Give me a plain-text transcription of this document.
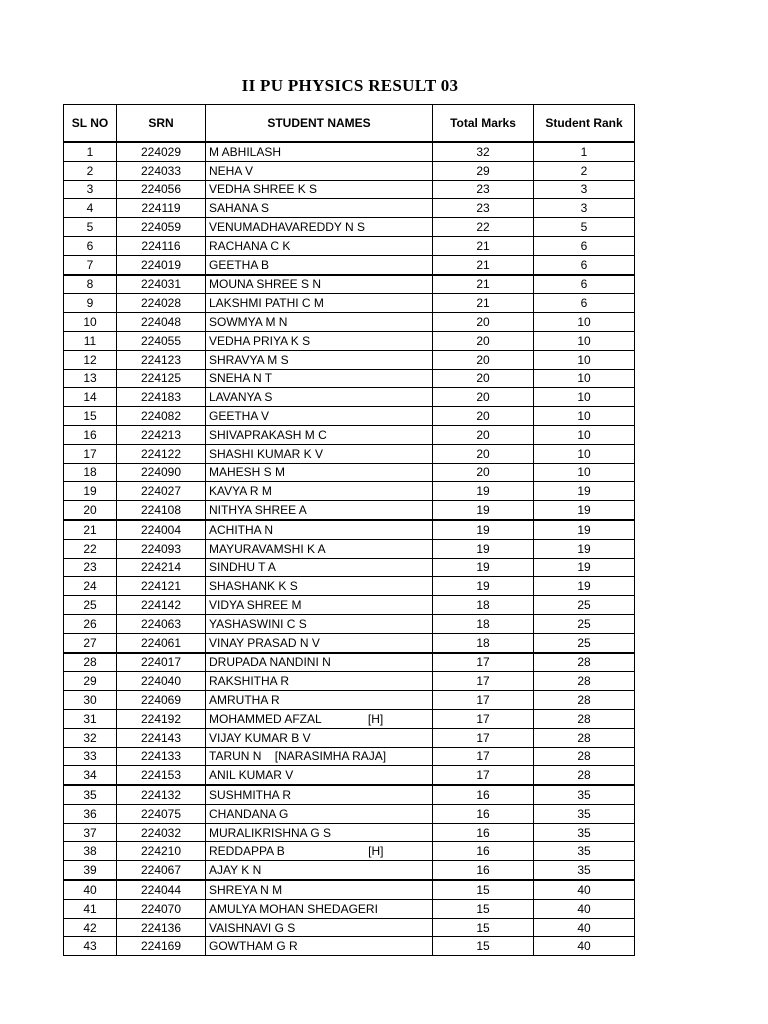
II PU PHYSICS RESULT 03
SL NO	SRN	STUDENT NAMES	Total Marks	Student Rank
1	224029	M ABHILASH	32	1
2	224033	NEHA V	29	2
3	224056	VEDHA SHREE K S	23	3
4	224119	SAHANA S	23	3
5	224059	VENUMADHAVAREDDY N S	22	5
6	224116	RACHANA C K	21	6
7	224019	GEETHA B	21	6
8	224031	MOUNA SHREE S N	21	6
9	224028	LAKSHMI PATHI C M	21	6
10	224048	SOWMYA M N	20	10
11	224055	VEDHA PRIYA K S	20	10
12	224123	SHRAVYA M S	20	10
13	224125	SNEHA N T	20	10
14	224183	LAVANYA S	20	10
15	224082	GEETHA V	20	10
16	224213	SHIVAPRAKASH M C	20	10
17	224122	SHASHI KUMAR K V	20	10
18	224090	MAHESH S M	20	10
19	224027	KAVYA R M	19	19
20	224108	NITHYA SHREE A	19	19
21	224004	ACHITHA N	19	19
22	224093	MAYURAVAMSHI K A	19	19
23	224214	SINDHU T A	19	19
24	224121	SHASHANK K S	19	19
25	224142	VIDYA SHREE M	18	25
26	224063	YASHASWINI C S	18	25
27	224061	VINAY PRASAD N V	18	25
28	224017	DRUPADA NANDINI N	17	28
29	224040	RAKSHITHA R	17	28
30	224069	AMRUTHA R	17	28
31	224192	MOHAMMED AFZAL              [H]	17	28
32	224143	VIJAY KUMAR B V	17	28
33	224133	TARUN N    [NARASIMHA RAJA]	17	28
34	224153	ANIL KUMAR V	17	28
35	224132	SUSHMITHA R	16	35
36	224075	CHANDANA G	16	35
37	224032	MURALIKRISHNA G S	16	35
38	224210	REDDAPPA B                         [H]	16	35
39	224067	AJAY K N	16	35
40	224044	SHREYA N M	15	40
41	224070	AMULYA MOHAN SHEDAGERI	15	40
42	224136	VAISHNAVI G S	15	40
43	224169	GOWTHAM G R	15	40
